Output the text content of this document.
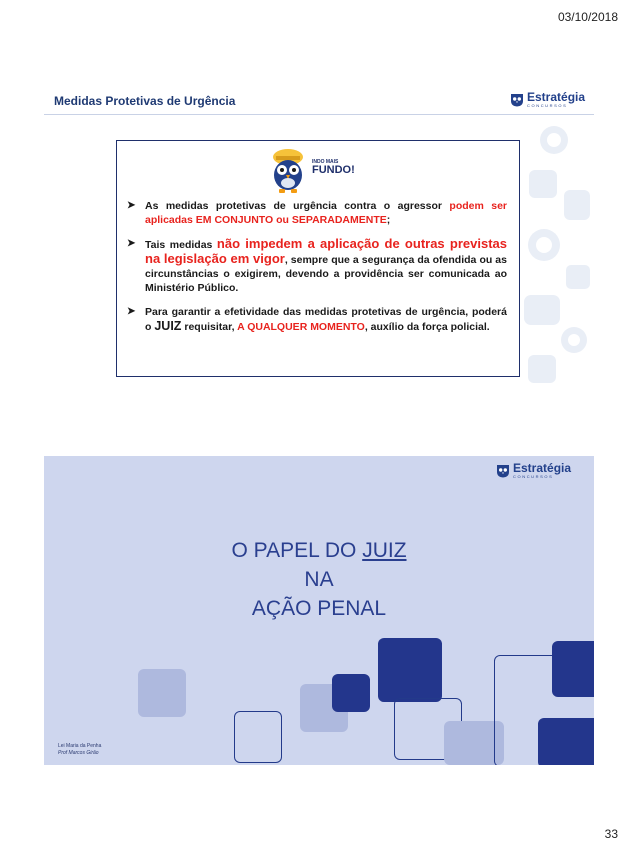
03/10/2018
Medidas Protetivas de Urgência	Estratégia
CONCURSOS
INDO MAIS
FUNDO!
➤ As medidas protetivas de urgência contra o agressor podem ser aplicadas EM CONJUNTO ou SEPARADAMENTE;
➤ Tais medidas não impedem a aplicação de outras previstas na legislação em vigor, sempre que a segurança da ofendida ou as circunstâncias o exigirem, devendo a providência ser comunicada ao Ministério Público.
➤ Para garantir a efetividade das medidas protetivas de urgência, poderá o JUIZ requisitar, A QUALQUER MOMENTO, auxílio da força policial.
Estratégia
CONCURSOS
O PAPEL DO JUIZ
NA
AÇÃO PENAL
Lei Maria da Penha
Prof Marcos Girão
33
